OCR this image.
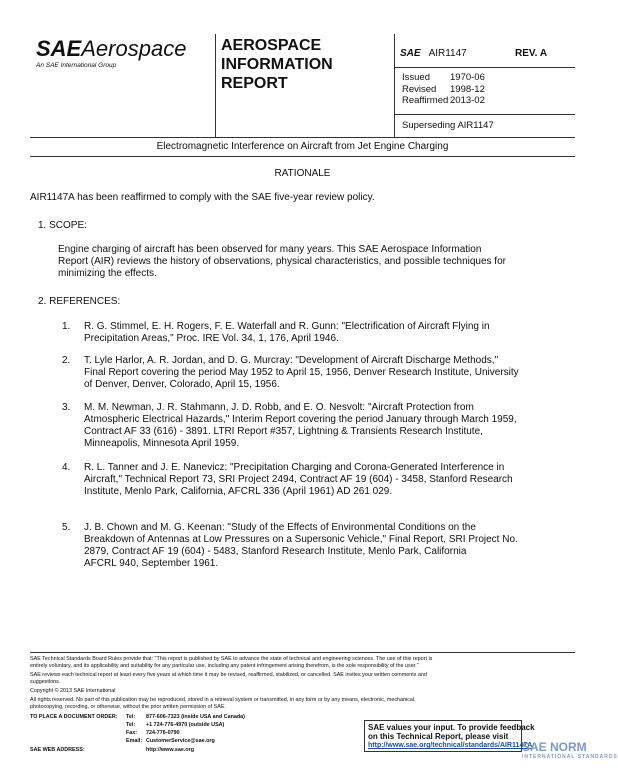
SAEAerospace
An SAE International Group
AEROSPACE
INFORMATION
REPORT
SAE AIR1147	REV. A
Issued 1970-06
Revised 1998-12
Reaffirmed 2013-02
Superseding AIR1147
Electromagnetic Interference on Aircraft from Jet Engine Charging
RATIONALE
AIR1147A has been reaffirmed to comply with the SAE five-year review policy.
1. SCOPE:
Engine charging of aircraft has been observed for many years. This SAE Aerospace Information
Report (AIR) reviews the history of observations, physical characteristics, and possible techniques for
minimizing the effects.
2. REFERENCES:
1. R. G. Stimmel, E. H. Rogers, F. E. Waterfall and R. Gunn: "Electrification of Aircraft Flying in
Precipitation Areas," Proc. IRE Vol. 34, 1, 176, April 1946.
2. T. Lyle Harlor, A. R. Jordan, and D. G. Murcray: "Development of Aircraft Discharge Methods,"
Final Report covering the period May 1952 to April 15, 1956, Denver Research Institute, University
of Denver, Denver, Colorado, April 15, 1956.
3. M. M. Newman, J. R. Stahmann, J. D. Robb, and E. O. Nesvolt: "Aircraft Protection from
Atmospheric Electrical Hazards," Interim Report covering the period January through March 1959,
Contract AF 33 (616) - 3891. LTRI Report #357, Lightning & Transients Research Institute,
Minneapolis, Minnesota April 1959.
4. R. L. Tanner and J. E. Nanevicz: "Precipitation Charging and Corona-Generated Interference in
Aircraft," Technical Report 73, SRI Project 2494, Contract AF 19 (604) - 3458, Stanford Research
Institute, Menlo Park, California, AFCRL 336 (April 1961) AD 261 029.
5. J. B. Chown and M. G. Keenan: "Study of the Effects of Environmental Conditions on the
Breakdown of Antennas at Low Pressures on a Supersonic Vehicle," Final Report, SRI Project No.
2879, Contract AF 19 (604) - 5483, Stanford Research Institute, Menlo Park, California
AFCRL 940, September 1961.
SAE Technical Standards Board Rules provide that: "This report is published by SAE to advance the state of technical and engineering sciences. The use of this report is
entirely voluntary, and its applicability and suitability for any particular use, including any patent infringement arising therefrom, is the sole responsibility of the user."
SAE reviews each technical report at least every five years at which time it may be revised, reaffirmed, stabilized, or cancelled. SAE invites your written comments and
suggestions.
Copyright © 2013 SAE International
All rights reserved. No part of this publication may be reproduced, stored in a retrieval system or transmitted, in any form or by any means, electronic, mechanical,
photocopying, recording, or otherwise, without the prior written permission of SAE.
TO PLACE A DOCUMENT ORDER: Tel: 877-606-7323 (inside USA and Canada)
Tel: +1 724-776-4970 (outside USA)
Fax: 724-776-0790
Email: CustomerService@sae.org
SAE WEB ADDRESS:	http://www.sae.org
SAE values your input. To provide feedback
on this Technical Report, please visit
http://www.sae.org/technical/standards/AIR1147A
SAE NORM
INTERNATIONAL STANDARDS
